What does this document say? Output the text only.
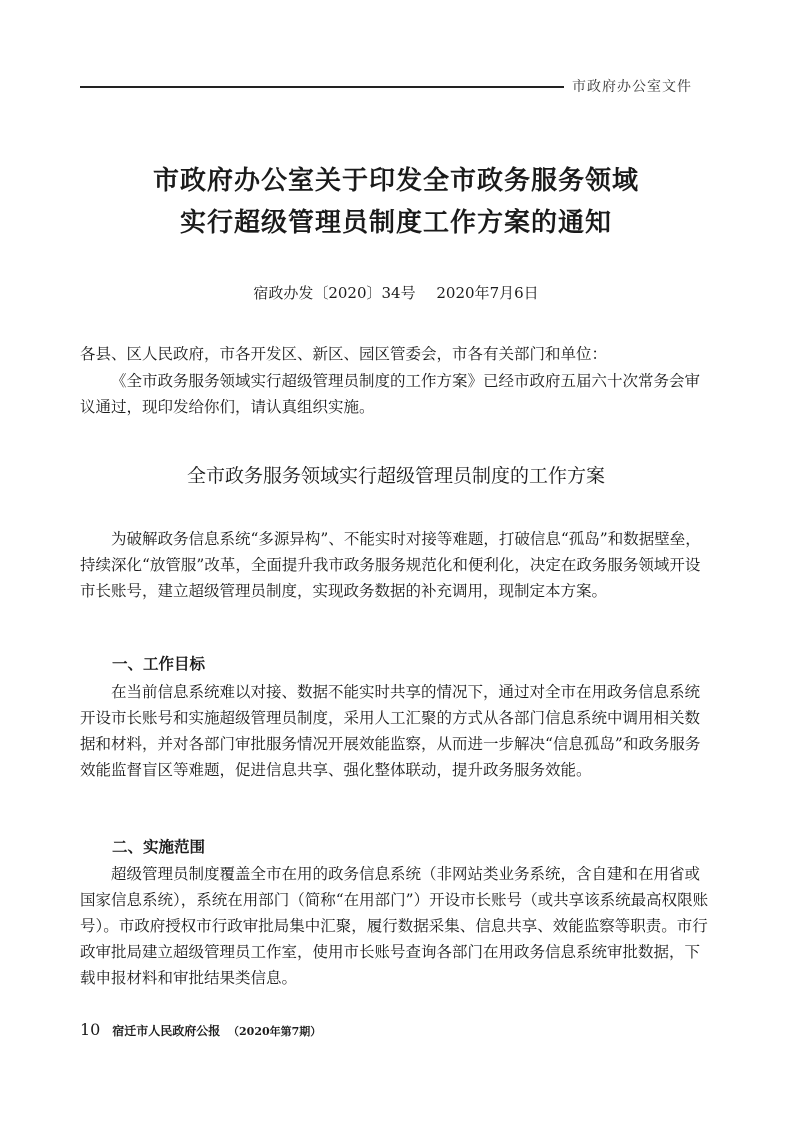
市政府办公室文件
市政府办公室关于印发全市政务服务领域
实行超级管理员制度工作方案的通知
宿政办发〔2020〕34号 2020年7月6日

各县、区人民政府，市各开发区、新区、园区管委会，市各有关部门和单位：

《全市政务服务领域实行超级管理员制度的工作方案》已经市政府五届六十次常务会审议通过，现印发给你们，请认真组织实施。

全市政务服务领域实行超级管理员制度的工作方案

为破解政务信息系统“多源异构”、不能实时对接等难题，打破信息“孤岛”和数据壁垒，持续深化“放管服”改革，全面提升我市政务服务规范化和便利化，决定在政务服务领域开设市长账号，建立超级管理员制度，实现政务数据的补充调用，现制定本方案。

一、工作目标

在当前信息系统难以对接、数据不能实时共享的情况下，通过对全市在用政务信息系统开设市长账号和实施超级管理员制度，采用人工汇聚的方式从各部门信息系统中调用相关数据和材料，并对各部门审批服务情况开展效能监察，从而进一步解决“信息孤岛”和政务服务效能监督盲区等难题，促进信息共享、强化整体联动，提升政务服务效能。

二、实施范围

超级管理员制度覆盖全市在用的政务信息系统（非网站类业务系统，含自建和在用省或国家信息系统），系统在用部门（简称“在用部门”）开设市长账号（或共享该系统最高权限账号）。市政府授权市行政审批局集中汇聚，履行数据采集、信息共享、效能监察等职责。市行政审批局建立超级管理员工作室，使用市长账号查询各部门在用政务信息系统审批数据，下载申报材料和审批结果类信息。

10 宿迁市人民政府公报 （2020年第7期）
